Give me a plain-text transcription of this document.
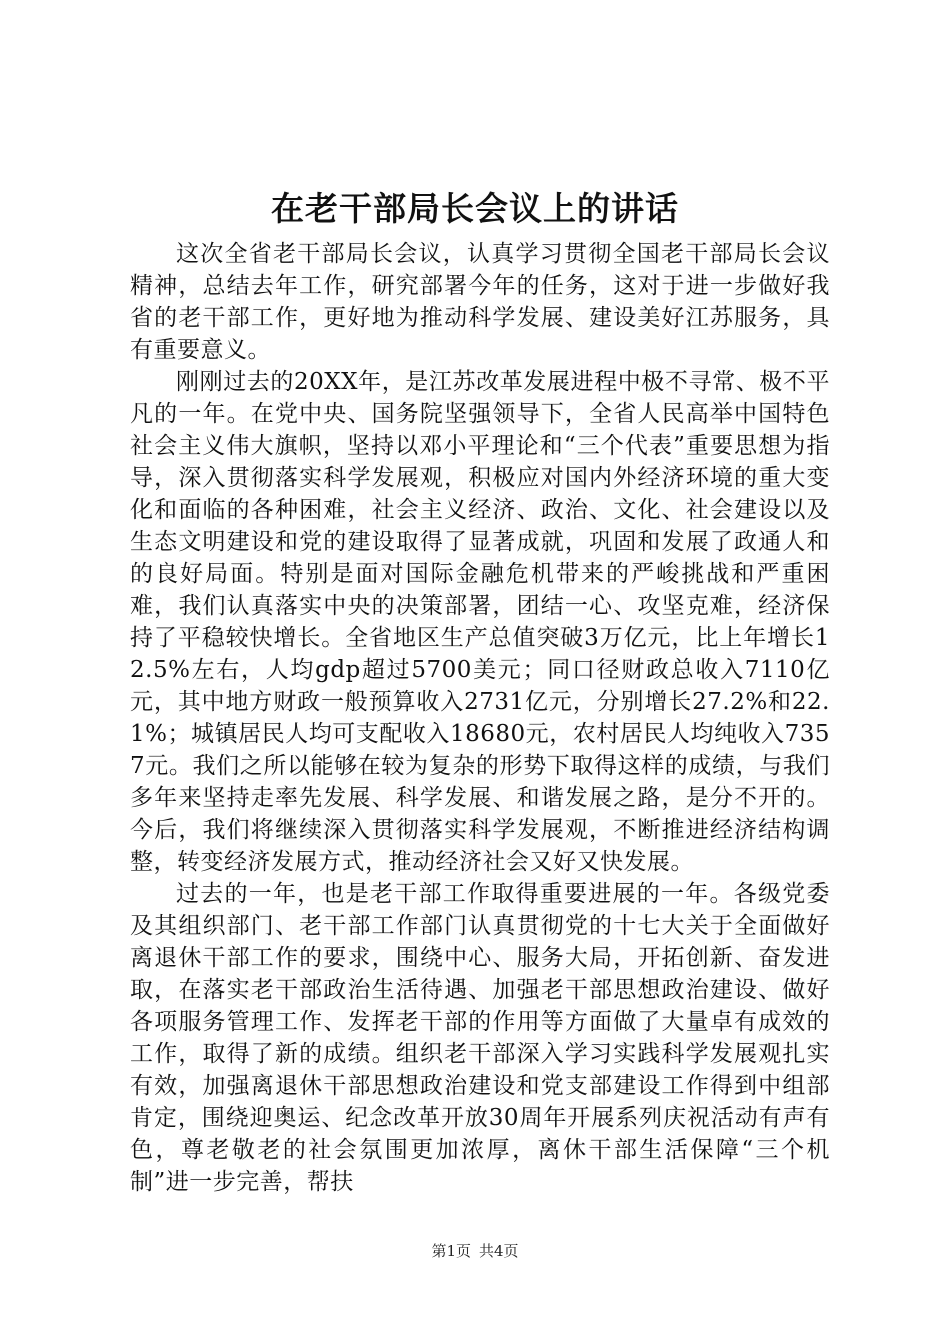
在老干部局长会议上的讲话

这次全省老干部局长会议，认真学习贯彻全国老干部局长会议精神，总结去年工作，研究部署今年的任务，这对于进一步做好我省的老干部工作，更好地为推动科学发展、建设美好江苏服务，具有重要意义。

刚刚过去的20XX年，是江苏改革发展进程中极不寻常、极不平凡的一年。在党中央、国务院坚强领导下，全省人民高举中国特色社会主义伟大旗帜，坚持以邓小平理论和“三个代表”重要思想为指导，深入贯彻落实科学发展观，积极应对国内外经济环境的重大变化和面临的各种困难，社会主义经济、政治、文化、社会建设以及生态文明建设和党的建设取得了显著成就，巩固和发展了政通人和的良好局面。特别是面对国际金融危机带来的严峻挑战和严重困难，我们认真落实中央的决策部署，团结一心、攻坚克难，经济保持了平稳较快增长。全省地区生产总值突破3万亿元，比上年增长12.5%左右，人均gdp超过5700美元；同口径财政总收入7110亿元，其中地方财政一般预算收入2731亿元，分别增长27.2%和22.1%；城镇居民人均可支配收入18680元，农村居民人均纯收入7357元。我们之所以能够在较为复杂的形势下取得这样的成绩，与我们多年来坚持走率先发展、科学发展、和谐发展之路，是分不开的。今后，我们将继续深入贯彻落实科学发展观，不断推进经济结构调整，转变经济发展方式，推动经济社会又好又快发展。

过去的一年，也是老干部工作取得重要进展的一年。各级党委及其组织部门、老干部工作部门认真贯彻党的十七大关于全面做好离退休干部工作的要求，围绕中心、服务大局，开拓创新、奋发进取，在落实老干部政治生活待遇、加强老干部思想政治建设、做好各项服务管理工作、发挥老干部的作用等方面做了大量卓有成效的工作，取得了新的成绩。组织老干部深入学习实践科学发展观扎实有效，加强离退休干部思想政治建设和党支部建设工作得到中组部肯定，围绕迎奥运、纪念改革开放30周年开展系列庆祝活动有声有色，尊老敬老的社会氛围更加浓厚，离休干部生活保障“三个机制”进一步完善，帮扶

第1页 共4页
